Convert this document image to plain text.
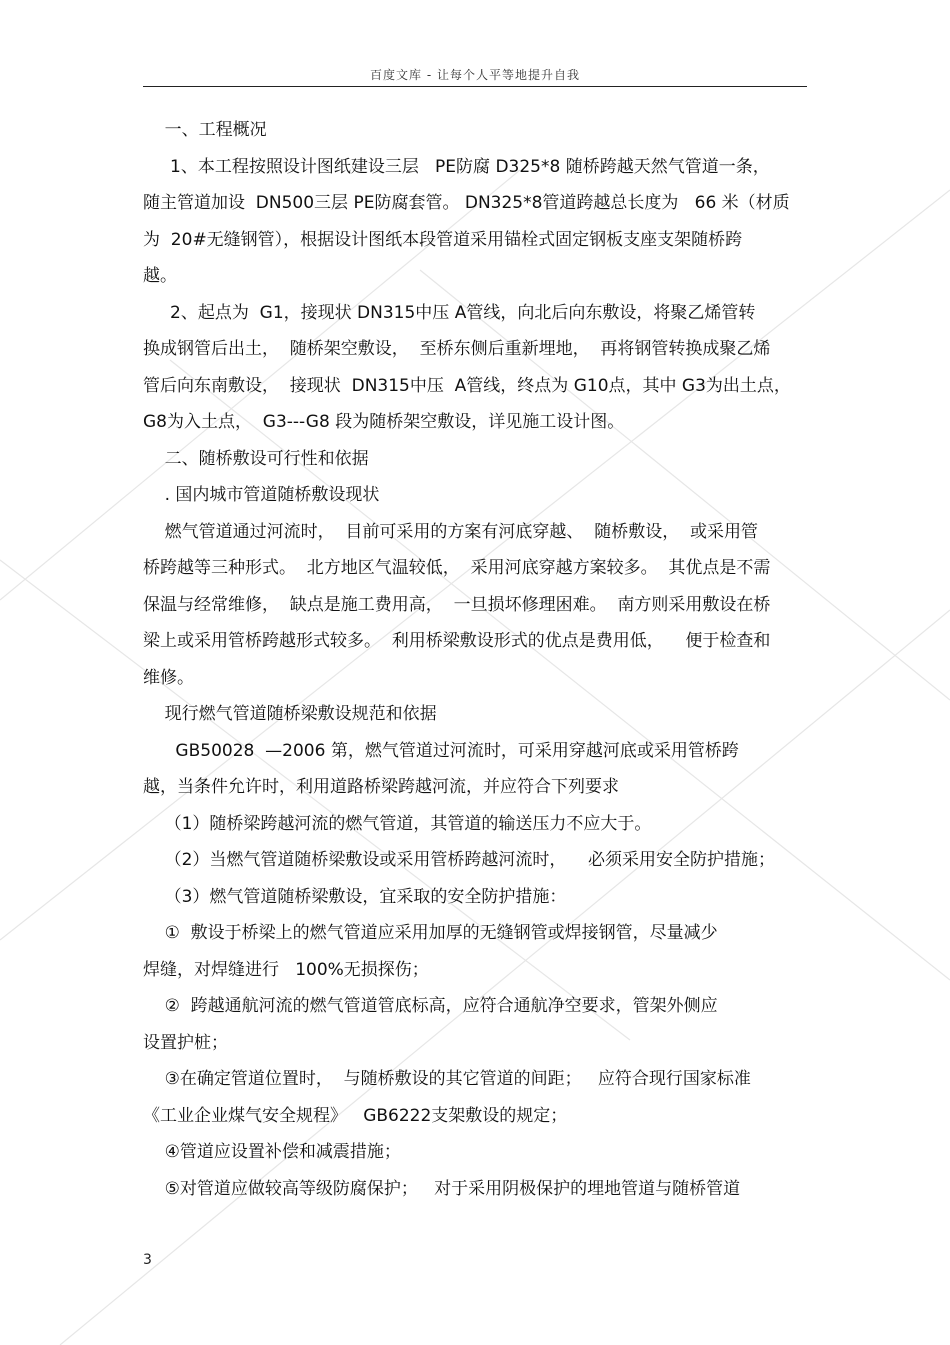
百度文库 - 让每个人平等地提升自我
一、工程概况
1、本工程按照设计图纸建设三层   PE防腐 D325*8 随桥跨越天然气管道一条，
随主管道加设  DN500三层 PE防腐套管。 DN325*8管道跨越总长度为   66 米（材质
为  20#无缝钢管），根据设计图纸本段管道采用锚栓式固定钢板支座支架随桥跨
越。
2、起点为  G1，接现状 DN315中压 A管线，向北后向东敷设，将聚乙烯管转
换成钢管后出土，  随桥架空敷设，  至桥东侧后重新埋地，  再将钢管转换成聚乙烯
管后向东南敷设，  接现状  DN315中压  A管线，终点为 G10点，其中 G3为出土点，
G8为入土点，  G3---G8 段为随桥架空敷设，详见施工设计图。
二、随桥敷设可行性和依据
. 国内城市管道随桥敷设现状
燃气管道通过河流时，  目前可采用的方案有河底穿越、  随桥敷设，  或采用管
桥跨越等三种形式。  北方地区气温较低，  采用河底穿越方案较多。  其优点是不需
保温与经常维修，  缺点是施工费用高，  一旦损坏修理困难。  南方则采用敷设在桥
梁上或采用管桥跨越形式较多。  利用桥梁敷设形式的优点是费用低，    便于检查和
维修。
现行燃气管道随桥梁敷设规范和依据
GB50028  —2006 第，燃气管道过河流时，可采用穿越河底或采用管桥跨
越，当条件允许时，利用道路桥梁跨越河流，并应符合下列要求
（1）随桥梁跨越河流的燃气管道，其管道的输送压力不应大于。
（2）当燃气管道随桥梁敷设或采用管桥跨越河流时，    必须采用安全防护措施；
（3）燃气管道随桥梁敷设，宜采取的安全防护措施：
①  敷设于桥梁上的燃气管道应采用加厚的无缝钢管或焊接钢管，尽量减少
焊缝，对焊缝进行   100%无损探伤；
②  跨越通航河流的燃气管道管底标高，应符合通航净空要求，管架外侧应
设置护桩；
③在确定管道位置时，  与随桥敷设的其它管道的间距；   应符合现行国家标准
《工业企业煤气安全规程》   GB6222支架敷设的规定；
④管道应设置补偿和减震措施；
⑤对管道应做较高等级防腐保护；   对于采用阴极保护的埋地管道与随桥管道
3
